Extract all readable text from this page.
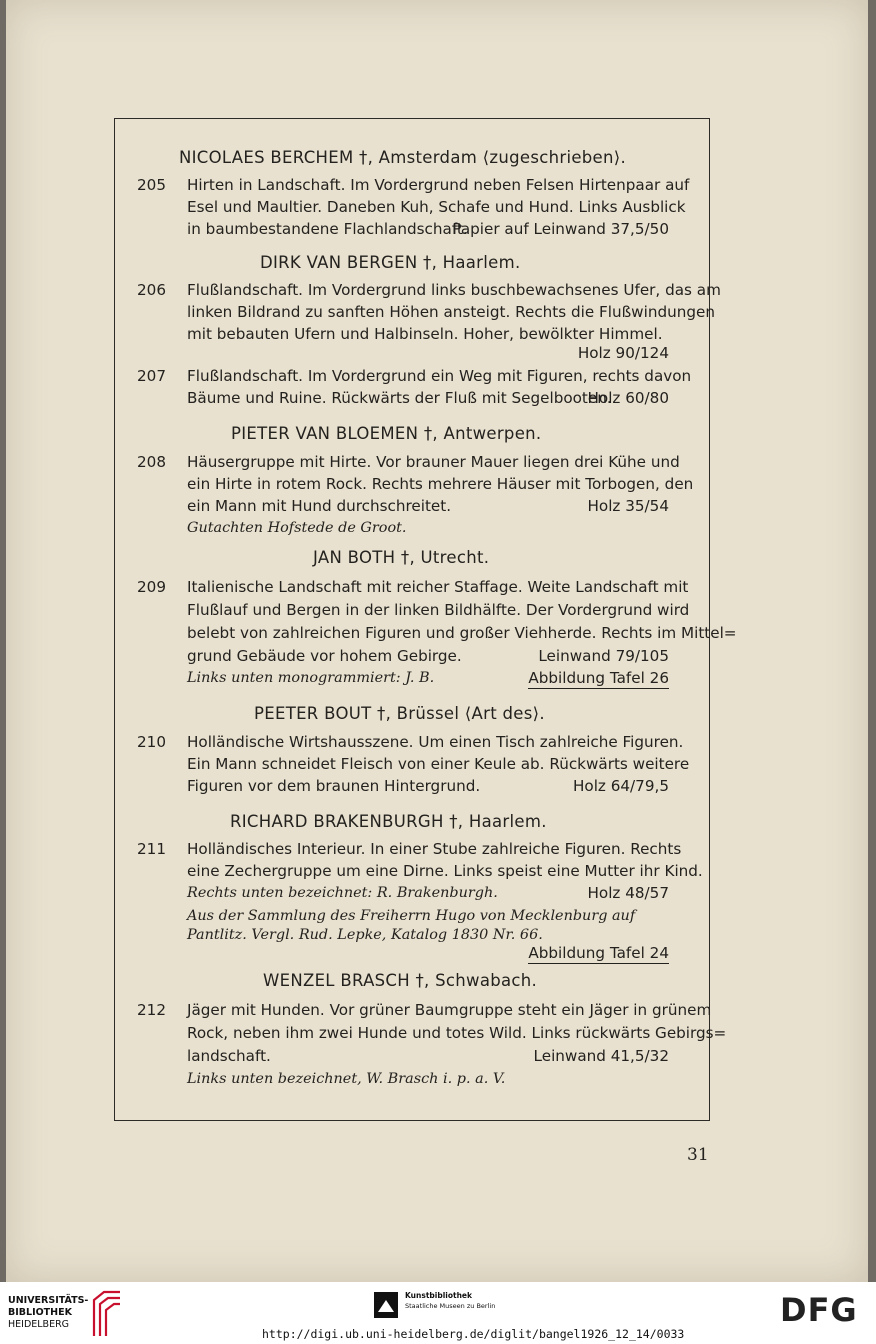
NICOLAES BERCHEM †, Amsterdam ⟨zugeschrieben⟩.
205 Hirten in Landschaft. Im Vordergrund neben Felsen Hirtenpaar auf
Esel und Maultier. Daneben Kuh, Schafe und Hund. Links Ausblick
in baumbestandene Flachlandschaft.
Papier auf Leinwand 37,5/50
DIRK VAN BERGEN †, Haarlem.
206 Flußlandschaft. Im Vordergrund links buschbewachsenes Ufer, das am
linken Bildrand zu sanften Höhen ansteigt. Rechts die Flußwindungen
mit bebauten Ufern und Halbinseln. Hoher, bewölkter Himmel.
Holz 90/124
207 Flußlandschaft. Im Vordergrund ein Weg mit Figuren, rechts davon
Bäume und Ruine. Rückwärts der Fluß mit Segelbooten.
Holz 60/80
PIETER VAN BLOEMEN †, Antwerpen.
208 Häusergruppe mit Hirte. Vor brauner Mauer liegen drei Kühe und
ein Hirte in rotem Rock. Rechts mehrere Häuser mit Torbogen, den
ein Mann mit Hund durchschreitet.	Holz 35/54
Gutachten Hofstede de Groot.
JAN BOTH †, Utrecht.
209 Italienische Landschaft mit reicher Staffage. Weite Landschaft mit
Flußlauf und Bergen in der linken Bildhälfte. Der Vordergrund wird
belebt von zahlreichen Figuren und großer Viehherde. Rechts im Mittel=
grund Gebäude vor hohem Gebirge.	Leinwand 79/105
Links unten monogrammiert: J. B.	Abbildung Tafel 26
PEETER BOUT †, Brüssel ⟨Art des⟩.
210 Holländische Wirtshausszene. Um einen Tisch zahlreiche Figuren.
Ein Mann schneidet Fleisch von einer Keule ab. Rückwärts weitere
Figuren vor dem braunen Hintergrund.	Holz 64/79,5
RICHARD BRAKENBURGH †, Haarlem.
211 Holländisches Interieur. In einer Stube zahlreiche Figuren. Rechts
eine Zechergruppe um eine Dirne. Links speist eine Mutter ihr Kind.
Rechts unten bezeichnet: R. Brakenburgh.	Holz 48/57
Aus der Sammlung des Freiherrn Hugo von Mecklenburg auf
Pantlitz. Vergl. Rud. Lepke, Katalog 1830 Nr. 66.
Abbildung Tafel 24
WENZEL BRASCH †, Schwabach.
212 Jäger mit Hunden. Vor grüner Baumgruppe steht ein Jäger in grünem
Rock, neben ihm zwei Hunde und totes Wild. Links rückwärts Gebirgs=
landschaft.	Leinwand 41,5/32
Links unten bezeichnet, W. Brasch i. p. a. V.
31
UNIVERSITÄTS-
BIBLIOTHEK
HEIDELBERG
Kunstbibliothek
Staatliche Museen zu Berlin	DFG
http://digi.ub.uni-heidelberg.de/diglit/bangel1926_12_14/0033
